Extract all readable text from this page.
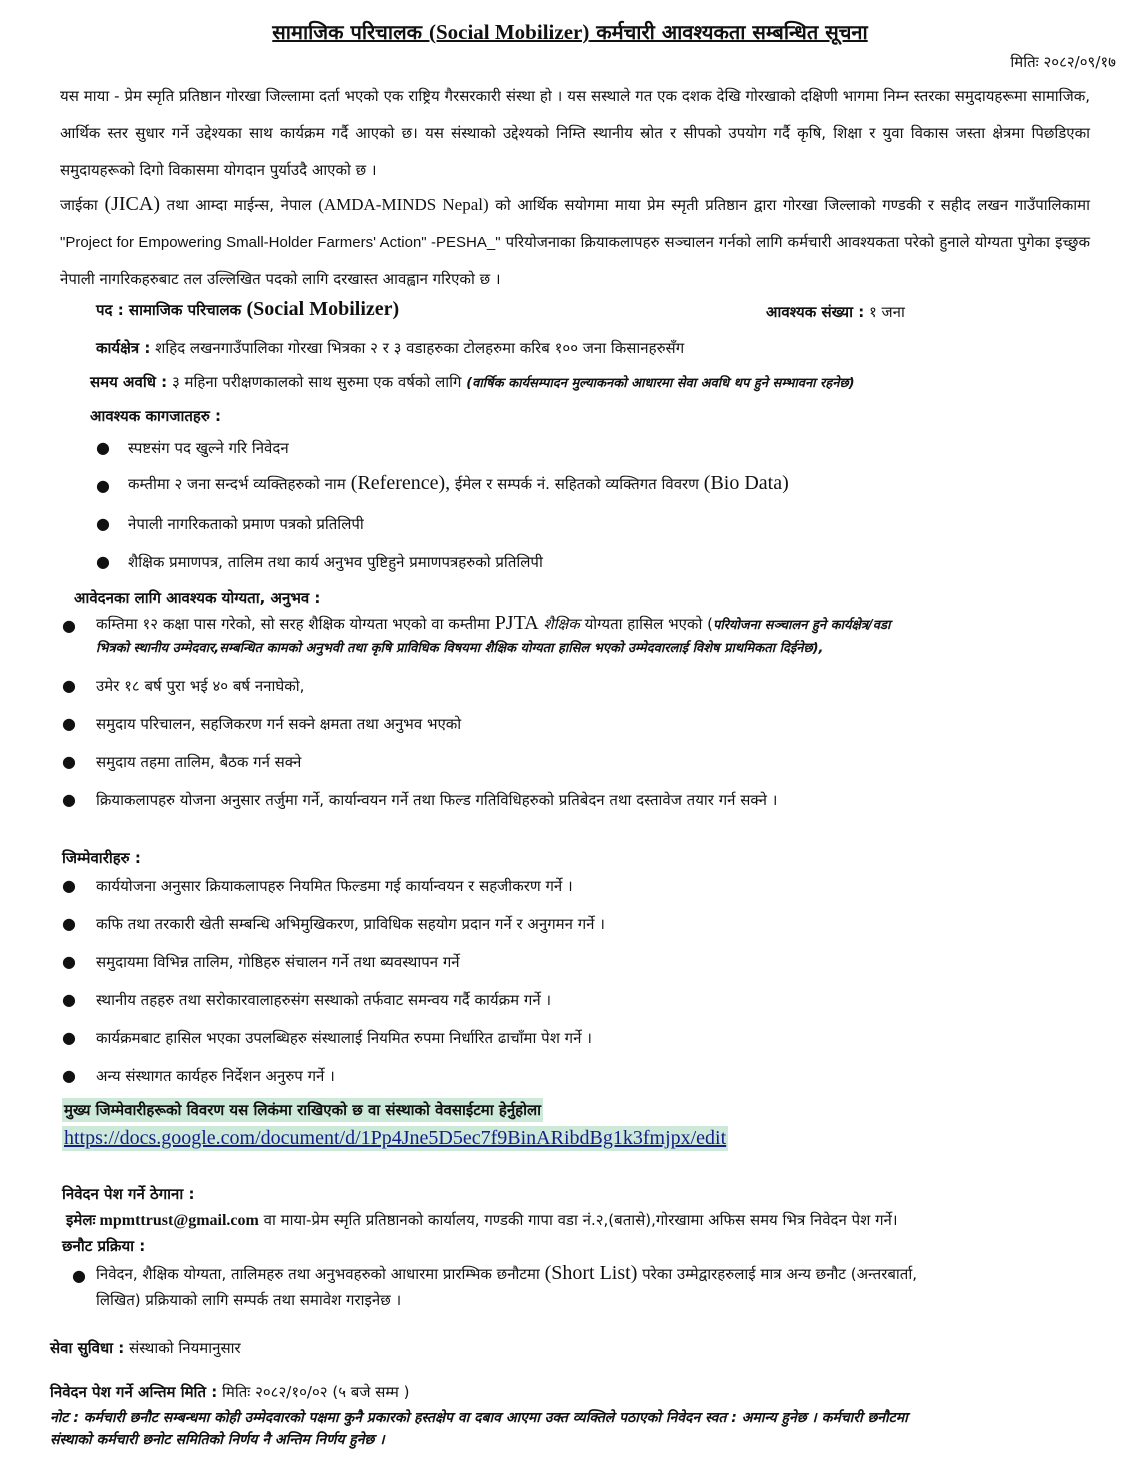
सामाजिक परिचालक (Social Mobilizer) कर्मचारी आवश्यकता सम्बन्धित सूचना
मितिः २०८२/०९/१७
यस माया - प्रेम स्मृति प्रतिष्ठान गोरखा जिल्लामा दर्ता भएको एक राष्ट्रिय गैरसरकारी संस्था हो । यस सस्थाले गत एक दशक देखि गोरखाको दक्षिणी भागमा निम्न स्तरका समुदायहरूमा सामाजिक, आर्थिक स्तर सुधार गर्ने उद्देश्यका साथ कार्यक्रम गर्दै आएको छ। यस संस्थाको उद्देश्यको निम्ति स्थानीय स्रोत र सीपको उपयोग गर्दै कृषि, शिक्षा र युवा विकास जस्ता क्षेत्रमा पिछडिएका समुदायहरूको दिगो विकासमा योगदान पुर्याउदै आएको छ ।
जाईका (JICA) तथा आम्दा माईन्स, नेपाल (AMDA-MINDS Nepal) को आर्थिक सयोगमा माया प्रेम स्मृती प्रतिष्ठान द्वारा गोरखा जिल्लाको गण्डकी र सहीद लखन गाउँपालिकामा "Project for Empowering Small-Holder Farmers' Action" -PESHA_" परियोजनाका क्रियाकलापहरु सञ्चालन गर्नको लागि कर्मचारी आवश्यकता परेको हुनाले योग्यता पुगेका इच्छुक नेपाली नागरिकहरुबाट तल उल्लिखित पदको लागि दरखास्त आवह्वान गरिएको छ ।
पद : सामाजिक परिचालक (Social Mobilizer)	आवश्यक संख्या : १ जना
कार्यक्षेत्र : शहिद लखनगाउँपालिका गोरखा भित्रका २ र ३ वडाहरुका टोलहरुमा करिब १०० जना किसानहरुसँग
समय अवधि : ३ महिना परीक्षणकालको साथ सुरुमा एक वर्षको लागि (वार्षिक कार्यसम्पादन मुल्याकनको आधारमा सेवा अवधि थप हुने सम्भावना रहनेछ)
आवश्यक कागजातहरु :
● स्पष्टसंग पद खुल्ने गरि निवेदन
● कम्तीमा २ जना सन्दर्भ व्यक्तिहरुको नाम (Reference), ईमेल र सम्पर्क नं. सहितको व्यक्तिगत विवरण (Bio Data)
● नेपाली नागरिकताको प्रमाण पत्रको प्रतिलिपी
● शैक्षिक प्रमाणपत्र, तालिम तथा कार्य अनुभव पुष्टिहुने प्रमाणपत्रहरुको प्रतिलिपी
आवेदनका लागि आवश्यक योग्यता, अनुभव :
● कम्तिमा १२ कक्षा पास गरेको, सो सरह शैक्षिक योग्यता भएको वा कम्तीमा PJTA शैक्षिक योग्यता हासिल भएको (परियोजना सञ्चालन हुने कार्यक्षेत्र/वडा
भित्रको स्थानीय उम्मेदवार,सम्बन्धित कामको अनुभवी तथा कृषि प्राविधिक विषयमा शैक्षिक योग्यता हासिल भएको उम्मेदवारलाई विशेष प्राथमिकता दिईनेछ),
● उमेर १८ बर्ष पुरा भई ४० बर्ष ननाघेको,
● समुदाय परिचालन, सहजिकरण गर्न सक्ने क्षमता तथा अनुभव भएको
● समुदाय तहमा तालिम, बैठक गर्न सक्ने
● क्रियाकलापहरु योजना अनुसार तर्जुमा गर्ने, कार्यान्वयन गर्ने तथा फिल्ड गतिविधिहरुको प्रतिबेदन तथा दस्तावेज तयार गर्न सक्ने ।
जिम्मेवारीहरु :
● कार्ययोजना अनुसार क्रियाकलापहरु नियमित फिल्डमा गई कार्यान्वयन र सहजीकरण गर्ने ।
● कफि तथा तरकारी खेती सम्बन्धि अभिमुखिकरण, प्राविधिक सहयोग प्रदान गर्ने र अनुगमन गर्ने ।
● समुदायमा विभिन्न तालिम, गोष्ठिहरु संचालन गर्ने तथा ब्यवस्थापन गर्ने
● स्थानीय तहहरु तथा सरोकारवालाहरुसंग सस्थाको तर्फवाट समन्वय गर्दै कार्यक्रम गर्ने ।
● कार्यक्रमबाट हासिल भएका उपलब्धिहरु संस्थालाई नियमित रुपमा निर्धारित ढाचाँमा पेश गर्ने ।
● अन्य संस्थागत कार्यहरु निर्देशन अनुरुप गर्ने ।
मुख्य जिम्मेवारीहरूको विवरण यस लिकंमा राखिएको छ वा संस्थाको वेवसाईटमा हेर्नुहोला
https://docs.google.com/document/d/1Pp4Jne5D5ec7f9BinARibdBg1k3fmjpx/edit
निवेदन पेश गर्ने ठेगाना :
इमेलः mpmttrust@gmail.com वा माया-प्रेम स्मृति प्रतिष्ठानको कार्यालय, गण्डकी गापा वडा नं.२,(बतासे),गोरखामा अफिस समय भित्र निवेदन पेश गर्ने।
छनौट प्रक्रिया :
● निवेदन, शैक्षिक योग्यता, तालिमहरु तथा अनुभवहरुको आधारमा प्रारम्भिक छनौटमा (Short List) परेका उम्मेद्वारहरुलाई मात्र अन्य छनौट (अन्तरबार्ता,
लिखित) प्रक्रियाको लागि सम्पर्क तथा समावेश गराइनेछ ।
सेवा सुविधा : संस्थाको नियमानुसार
निवेदन पेश गर्ने अन्तिम मिति : मितिः २०८२/१०/०२ (५ बजे सम्म )
नोट : कर्मचारी छनौट सम्बन्धमा कोही उम्मेदवारको पक्षमा कुनै प्रकारको हस्तक्षेप वा दबाव आएमा उक्त व्यक्तिले पठाएको निवेदन स्वत : अमान्य हुनेछ । कर्मचारी छनौटमा
संस्थाको कर्मचारी छनोट समितिको निर्णय नै अन्तिम निर्णय हुनेछ ।
